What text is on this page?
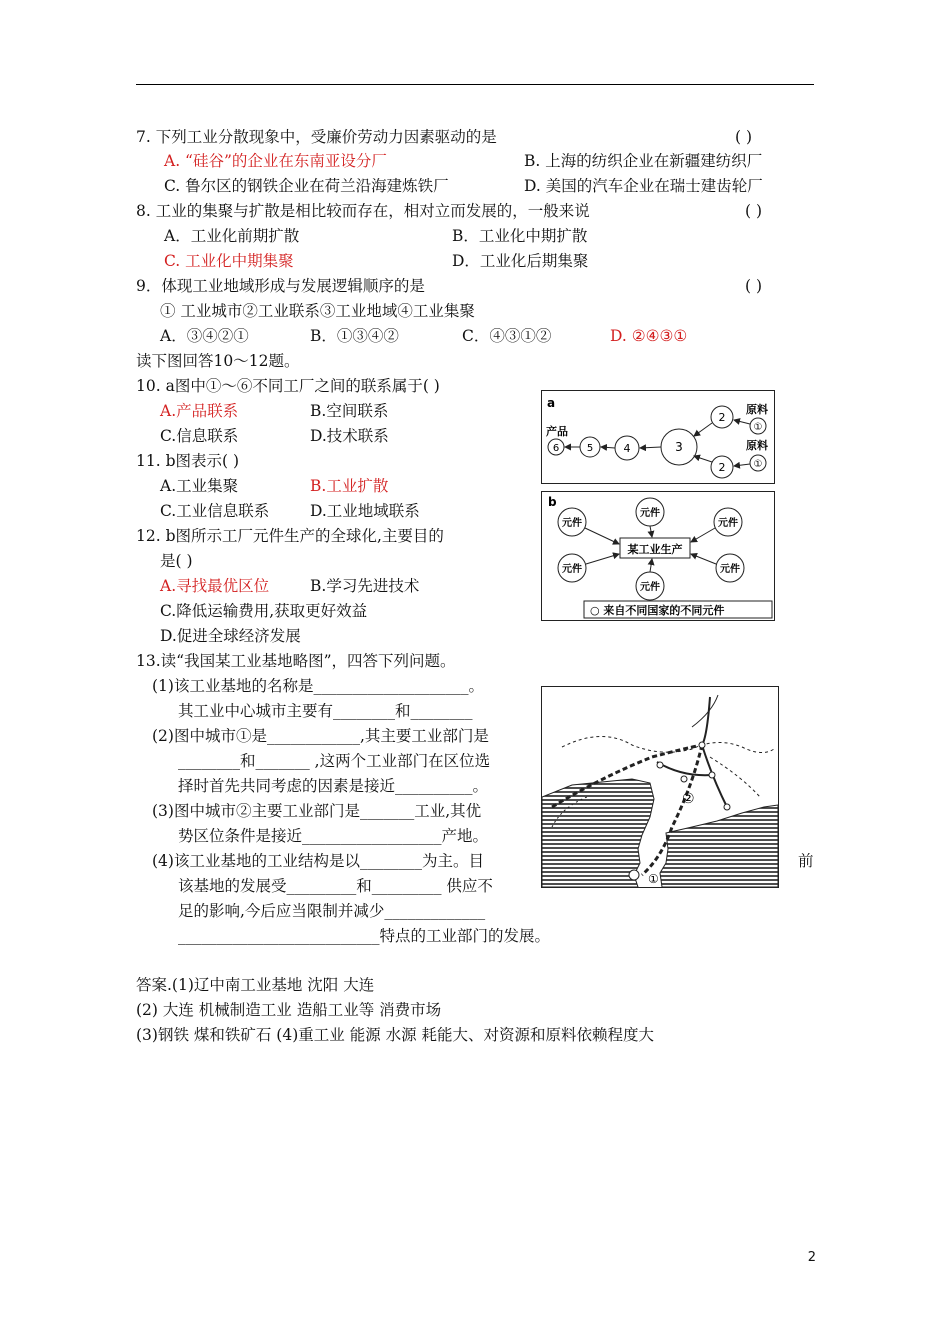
7. 下列工业分散现象中，受廉价劳动力因素驱动的是	( )
A. “硅谷”的企业在东南亚设分厂	B. 上海的纺织企业在新疆建纺织厂
C. 鲁尔区的钢铁企业在荷兰沿海建炼铁厂	D. 美国的汽车企业在瑞士建齿轮厂
8. 工业的集聚与扩散是相比较而存在，相对立而发展的，一般来说	( )
A．工业化前期扩散	B．工业化中期扩散
C. 工业化中期集聚	D．工业化后期集聚
9．体现工业地域形成与发展逻辑顺序的是	( )
① 工业城市②工业联系③工业地域④工业集聚
A．③④②①	B．①③④②	C．④③①②	D. ②④③①
读下图回答10～12题。
10. a图中①～⑥不同工厂之间的联系属于( )
A.产品联系	B.空间联系
C.信息联系	D.技术联系
11. b图表示( )
A.工业集聚	B.工业扩散
C.工业信息联系	D.工业地域联系
12. b图所示工厂元件生产的全球化,主要目的
是( )
A.寻找最优区位	B.学习先进技术
C.降低运输费用,获取更好效益
D.促进全球经济发展
a
产品
原料
原料
①
①
2
2
3
4
5
6
b
某工业生产
元件
元件	元件
元件	元件
元件
○ 来自不同国家的不同元件
13.读“我国某工业基地略图”，四答下列问题。
(1)该工业基地的名称是____________________。
其工业中心城市主要有________和________
(2)图中城市①是____________,其主要工业部门是
________和_______ ,这两个工业部门在区位选
择时首先共同考虑的因素是接近__________。
(3)图中城市②主要工业部门是_______工业,其优
势区位条件是接近__________________产地。
(4)该工业基地的工业结构是以________为主。目	前
该基地的发展受_________和_________ 供应不
足的影响,今后应当限制并减少_____________
__________________________特点的工业部门的发展。
①
②
答案.(1)辽中南工业基地 沈阳 大连
(2) 大连 机械制造工业 造船工业等 消费市场
(3)钢铁 煤和铁矿石 (4)重工业 能源 水源 耗能大、对资源和原料依赖程度大
2
